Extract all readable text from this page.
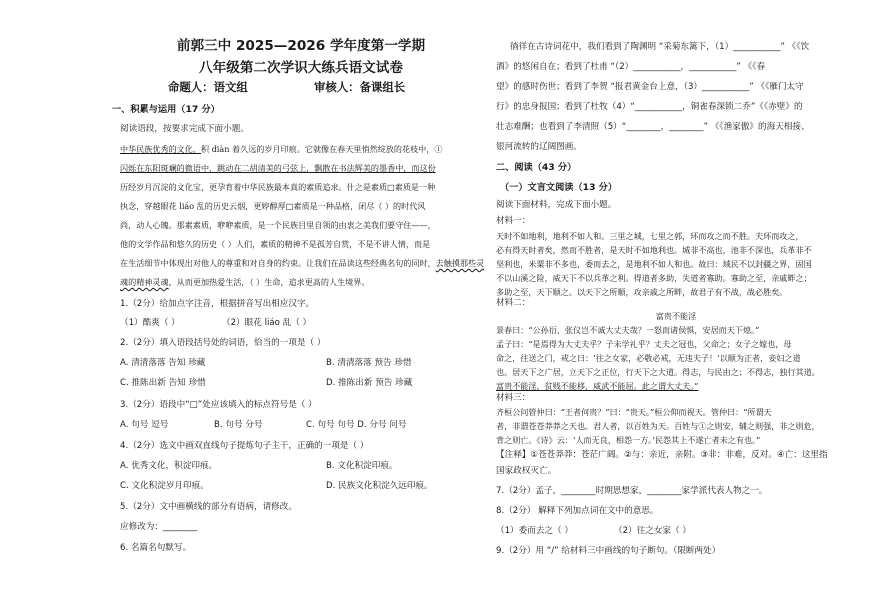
前郭三中 2025—2026 学年度第一学期
八年级第二次学识大练兵语文试卷
命题人：语文组	审核人：备课组长
一、积累与运用（17 分）
阅读语段，按要求完成下面小题。
中华民族优秀的文化，积 diàn 着久远的岁月印痕。它就像在春天里悄然绽放的花枝中，①
闪烁在东阳斑斓的微语中，跳动在二胡清美的弓弦上，飘散在书法辉美的墨香中，而这份
历经岁月沉淀的文化宝，更孕育着中华民族最本真的素质追求。什之是素质□素质是一种
执念，穿越眼花 liáo 乱的历史云烟，更婷醇厚□素质是一种品格，闭尽（ ）的时代风
尚，动人心魄。那素素质，咿咿素质，是一个民族目里自领的由衷之美我们要守住——，
他的文学作品和悠久的历史（ ）人们，素质的精神不是孤芳自赏，不是不讲人情，而是
在生活细节中体现出对他人的尊重和对自身的约束。让我们在品读这些经典名句的同时，去触摸那些灵
魂的精神灵魂，从而更加热爱生活，（ ）生命，追求更高的人生境界。
1.（2分）给加点字注音，根据拼音写出相应汉字。
（1）酷爽（ ）	（2）眼花 liáo 乱（ ）
2.（2分）填入语段括号处的词语，恰当的一项是（ ）
A. 清清落落 告知 珍藏	B. 清清落落 预告 珍惜
C. 推陈出新 告知 珍惜	D. 推陈出新 预告 珍藏
3.（2分）语段中“□”处应该填入的标点符号是（ ）
A. 句号 逗号	B. 句号 分号	C. 句号 句号 D. 分号 问号
4.（2分）选文中画双直线句子提炼句子主干，正确的一项是（ ）
A. 优秀文化，积淀印痕。	B. 文化积淀印痕。
C. 文化积淀岁月印痕。	D. 民族文化积淀久远印痕。
5.（2分）文中画横线的部分有语病，请修改。
应修改为：________
6. 名篇名句默写。
徜徉在古诗词花中，我们看到了陶渊明 “采菊东篱下，（1）___________” 《《饮
酒》的悠闲自在；看到了杜甫 “（2）___________，___________” 《《春
望》的感时伤世；看到了李贺 “报君黄金台上意，（3）___________” 《《雁门太守
行》的忠身报国；看到了杜牧（4）“___________，铜雀春深锁二乔”《《赤壁》的
壮志难酬；也看到了李清照（5）“________，________” 《《渔家傲》的海天相接、
银河流转的辽阔图画。
二、阅读（43 分）
（一）文言文阅读（13 分）
阅读下面材料，完成下面小题。
材料一：
天时不如地利，地利不如人和。三里之城，七里之郭，环而攻之而不胜。夫环而攻之，
必有得天时者矣，然而不胜者，是天时不如地利也。城非不高也，池非不深也，兵革非不
坚利也，米粟非不多也，委而去之，是地利不如人和也。故曰：域民不以封疆之界，固国
不以山溪之险，威天下不以兵革之利。得道者多助，失道者寡助。寡助之至，亲戚畔之；
多助之至，天下顺之。以天下之所顺，攻亲戚之所畔，故君子有不战，战必胜矣。
材料二：
富贵不能淫
景春曰：“公孙衍、张仪岂不诚大丈夫哉？一怒而诸侯惧，安居而天下熄。”
孟子曰：“是焉得为大丈夫乎？子未学礼乎？丈夫之冠也，父命之；女子之嫁也，母
命之，往送之门，戒之曰：‘往之女家，必敬必戒，无违夫子！’以顺为正者，妾妇之道
也。居天下之广居，立天下之正位，行天下之大道。得志，与民由之；不得志，独行其道。
富贵不能淫，贫贱不能移，威武不能屈。此之谓大丈夫。”
材料三：
齐桓公问管仲曰：“王者何贵？”曰：“贵天。”桓公仰而视天。管仲曰：“所谓天
者，非谓苍苍莽莽之天也。君人者，以百姓为天。百姓与①之则安，辅之则强，非之则危，
背之则亡。《诗》云：‘人而无良，相怨一方。’民怨其上不遂亡者未之有也。”
【注释】①苍苍莽莽：苍茫广阔。②与：亲近，亲附。③非：非难，反对。④亡：这里指
国家政权灭亡。
7.（2分）孟子，________时期思想家，________家学派代表人物之一。
8.（2分） 解释下列加点词在文中的意思。
（1）委而去之（ ）	（2）往之女家（ ）
9.（2分）用 “/” 给材料三中画线的句子断句。（限断两处）
